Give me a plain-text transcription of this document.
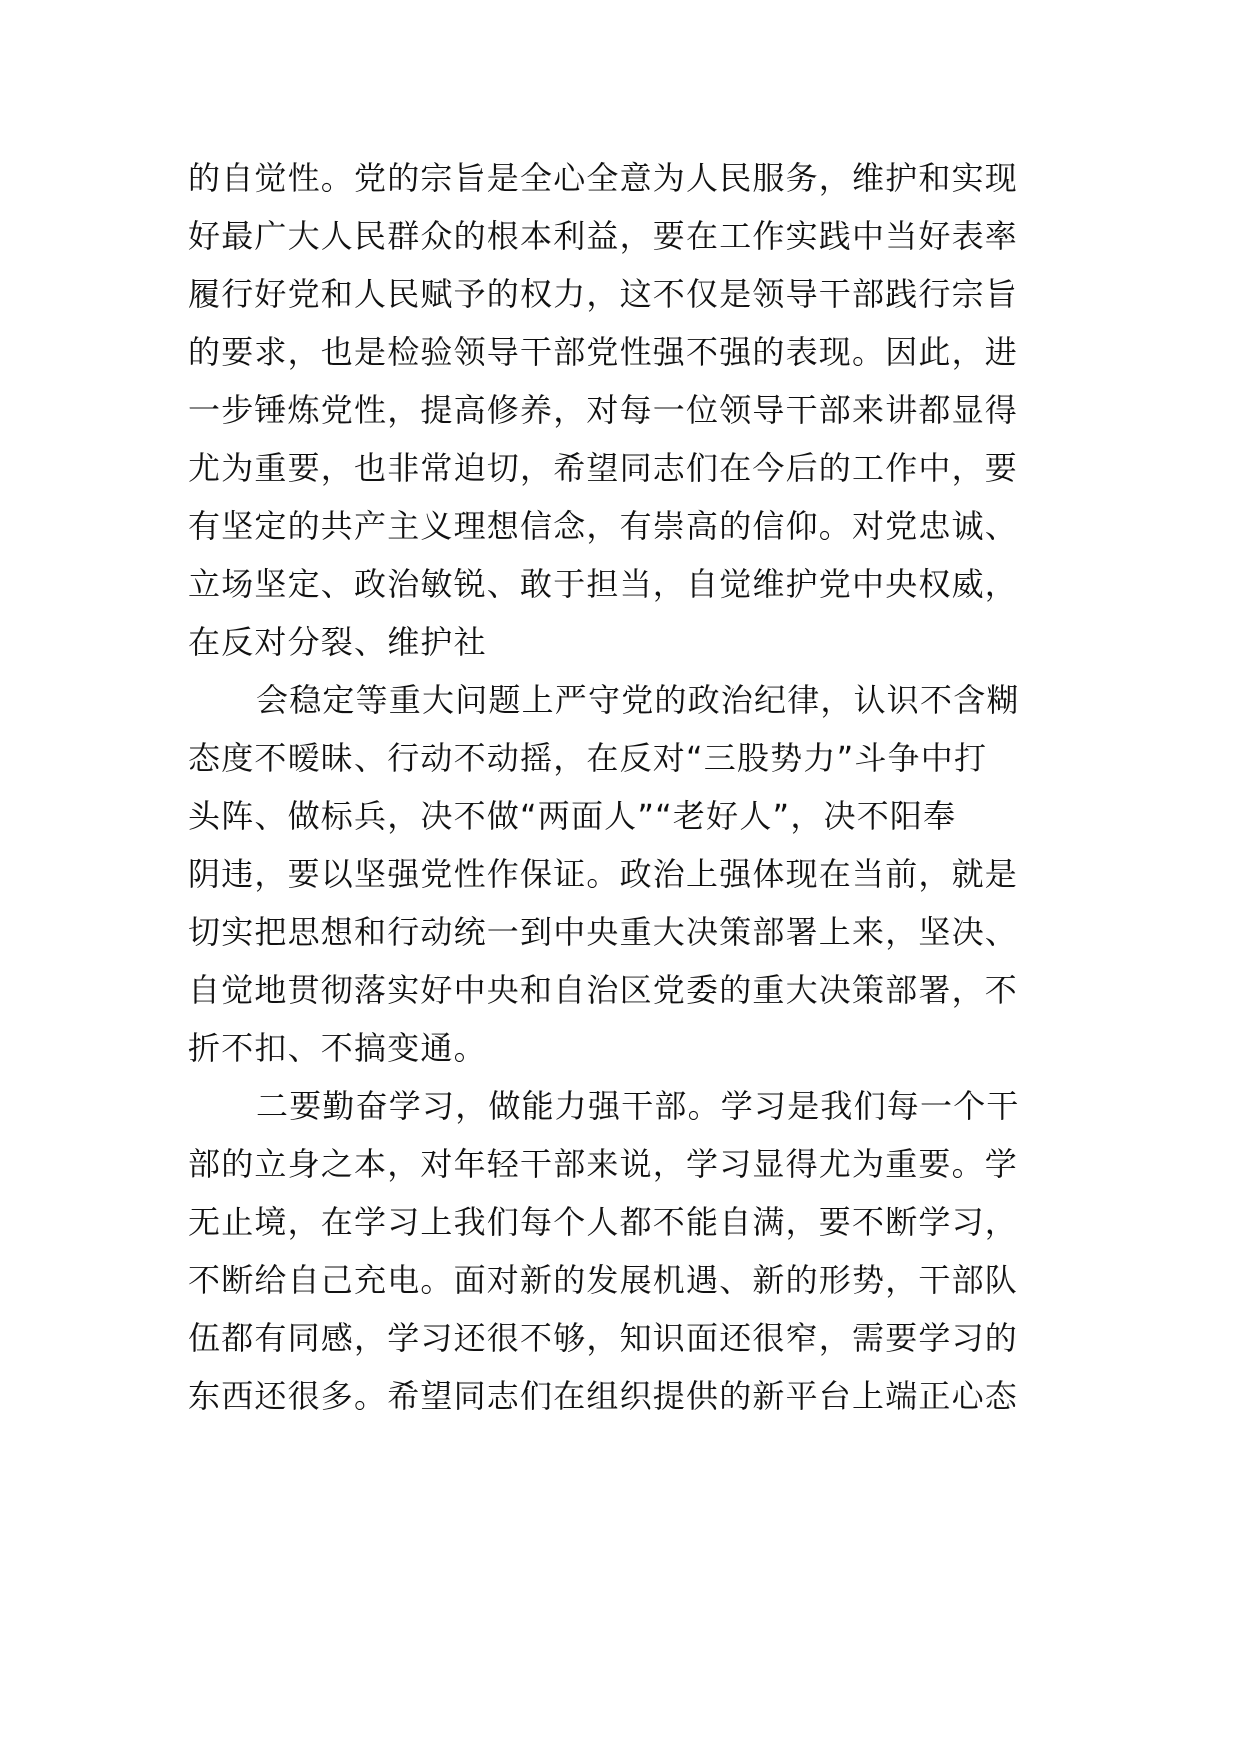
的自觉性。党的宗旨是全心全意为人民服务，维护和实现
好最广大人民群众的根本利益，要在工作实践中当好表率
履行好党和人民赋予的权力，这不仅是领导干部践行宗旨
的要求，也是检验领导干部党性强不强的表现。因此，进
一步锤炼党性，提高修养，对每一位领导干部来讲都显得
尤为重要，也非常迫切，希望同志们在今后的工作中，要
有坚定的共产主义理想信念，有崇高的信仰。对党忠诚、
立场坚定、政治敏锐、敢于担当，自觉维护党中央权威，
在反对分裂、维护社
会稳定等重大问题上严守党的政治纪律，认识不含糊
态度不暧昧、行动不动摇，在反对“三股势力”斗争中打
头阵、做标兵，决不做“两面人”“老好人”，决不阳奉
阴违，要以坚强党性作保证。政治上强体现在当前，就是
切实把思想和行动统一到中央重大决策部署上来，坚决、
自觉地贯彻落实好中央和自治区党委的重大决策部署，不
折不扣、不搞变通。
二要勤奋学习，做能力强干部。学习是我们每一个干
部的立身之本，对年轻干部来说，学习显得尤为重要。学
无止境，在学习上我们每个人都不能自满，要不断学习，
不断给自己充电。面对新的发展机遇、新的形势，干部队
伍都有同感，学习还很不够，知识面还很窄，需要学习的
东西还很多。希望同志们在组织提供的新平台上端正心态
